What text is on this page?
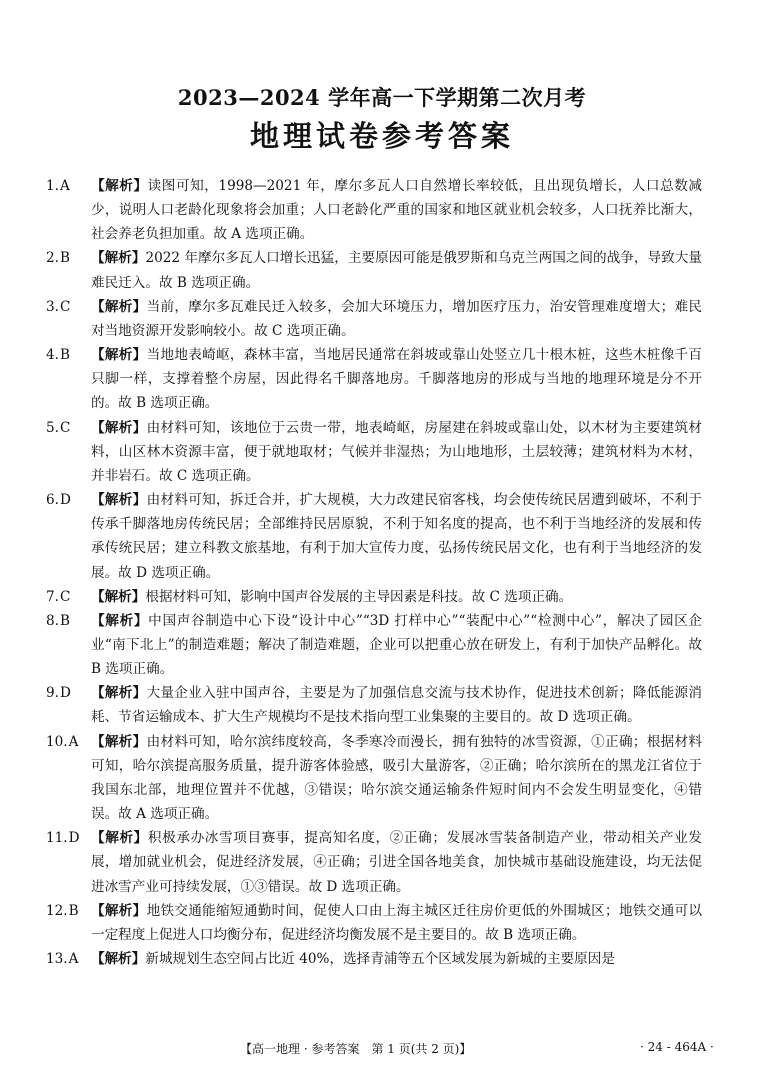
2023—2024 学年高一下学期第二次月考
地理试卷参考答案

1.A 【解析】读图可知，1998—2021 年，摩尔多瓦人口自然增长率较低，且出现负增长，人口总数减少，说明人口老龄化现象将会加重；人口老龄化严重的国家和地区就业机会较多，人口抚养比渐大，社会养老负担加重。故 A 选项正确。

2.B 【解析】2022 年摩尔多瓦人口增长迅猛，主要原因可能是俄罗斯和乌克兰两国之间的战争，导致大量难民迁入。故 B 选项正确。

3.C 【解析】当前，摩尔多瓦难民迁入较多，会加大环境压力，增加医疗压力，治安管理难度增大；难民对当地资源开发影响较小。故 C 选项正确。

4.B 【解析】当地地表崎岖，森林丰富，当地居民通常在斜坡或靠山处竖立几十根木桩，这些木桩像千百只脚一样，支撑着整个房屋，因此得名千脚落地房。千脚落地房的形成与当地的地理环境是分不开的。故 B 选项正确。

5.C 【解析】由材料可知，该地位于云贵一带，地表崎岖，房屋建在斜坡或靠山处，以木材为主要建筑材料，山区林木资源丰富，便于就地取材；气候并非湿热；为山地地形，土层较薄；建筑材料为木材，并非岩石。故 C 选项正确。

6.D 【解析】由材料可知，拆迁合并，扩大规模，大力改建民宿客栈，均会使传统民居遭到破坏，不利于传承千脚落地房传统民居；全部维持民居原貌，不利于知名度的提高，也不利于当地经济的发展和传承传统民居；建立科教文旅基地，有利于加大宣传力度，弘扬传统民居文化，也有利于当地经济的发展。故 D 选项正确。

7.C 【解析】根据材料可知，影响中国声谷发展的主导因素是科技。故 C 选项正确。

8.B 【解析】中国声谷制造中心下设“设计中心”“3D 打样中心”“装配中心”“检测中心”，解决了园区企业“南下北上”的制造难题；解决了制造难题，企业可以把重心放在研发上，有利于加快产品孵化。故 B 选项正确。

9.D 【解析】大量企业入驻中国声谷，主要是为了加强信息交流与技术协作，促进技术创新；降低能源消耗、节省运输成本、扩大生产规模均不是技术指向型工业集聚的主要目的。故 D 选项正确。

10.A 【解析】由材料可知，哈尔滨纬度较高，冬季寒冷而漫长，拥有独特的冰雪资源，①正确；根据材料可知，哈尔滨提高服务质量，提升游客体验感，吸引大量游客，②正确；哈尔滨所在的黑龙江省位于我国东北部，地理位置并不优越，③错误；哈尔滨交通运输条件短时间内不会发生明显变化，④错误。故 A 选项正确。

11.D 【解析】积极承办冰雪项目赛事，提高知名度，②正确；发展冰雪装备制造产业，带动相关产业发展，增加就业机会，促进经济发展，④正确；引进全国各地美食，加快城市基础设施建设，均无法促进冰雪产业可持续发展，①③错误。故 D 选项正确。

12.B 【解析】地铁交通能缩短通勤时间，促使人口由上海主城区迁往房价更低的外围城区；地铁交通可以一定程度上促进人口均衡分布，促进经济均衡发展不是主要目的。故 B 选项正确。

13.A 【解析】新城规划生态空间占比近 40%，选择青浦等五个区域发展为新城的主要原因是

【高一地理 · 参考答案　第 1 页(共 2 页)】	· 24 - 464A ·
